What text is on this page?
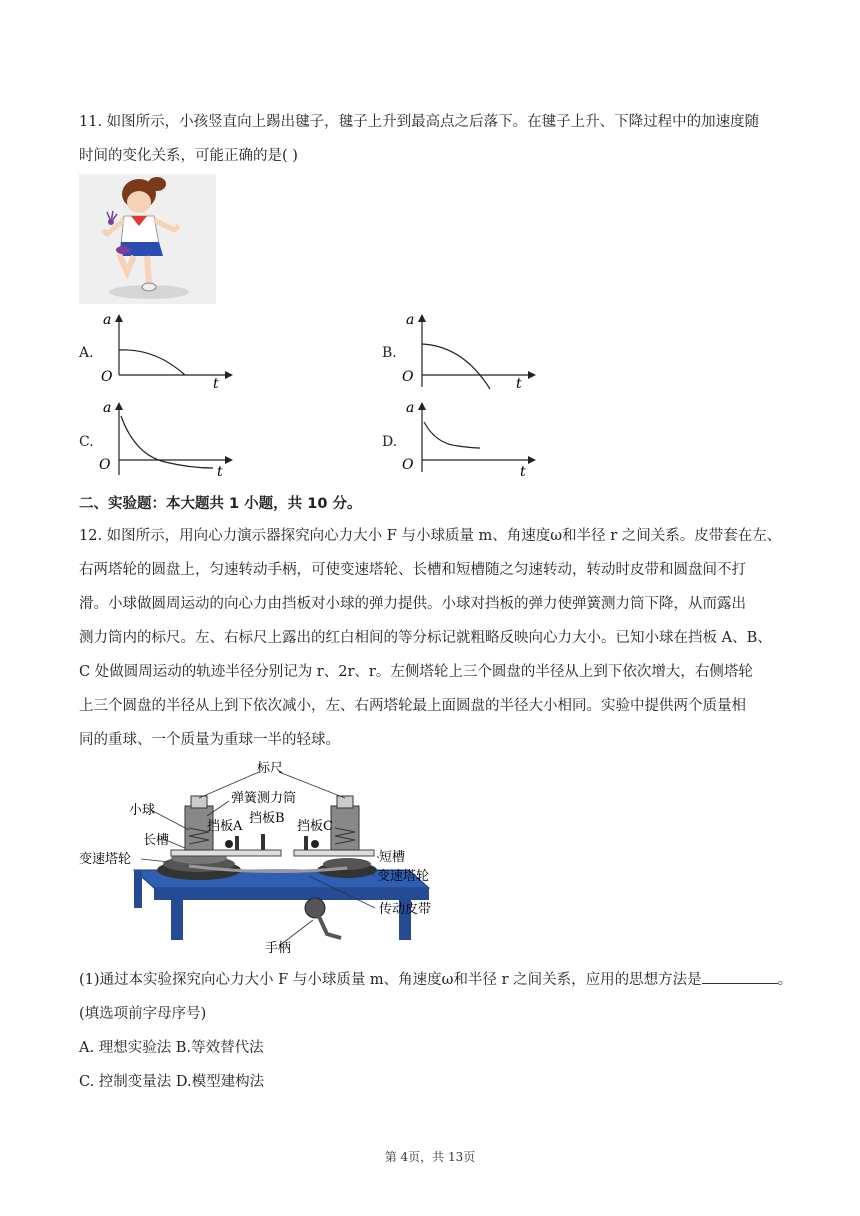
11. 如图所示，小孩竖直向上踢出毽子，毽子上升到最高点之后落下。在毽子上升、下降过程中的加速度随
时间的变化关系，可能正确的是( )
A.
a
O	t
B.
a
O	t
C.
a
O	t
D.
a
O	t
二、实验题：本大题共 1 小题，共 10 分。
12. 如图所示，用向心力演示器探究向心力大小 F 与小球质量 m、角速度ω和半径 r 之间关系。皮带套在左、
右两塔轮的圆盘上，匀速转动手柄，可使变速塔轮、长槽和短槽随之匀速转动，转动时皮带和圆盘间不打
滑。小球做圆周运动的向心力由挡板对小球的弹力提供。小球对挡板的弹力使弹簧测力筒下降，从而露出
测力筒内的标尺。左、右标尺上露出的红白相间的等分标记就粗略反映向心力大小。已知小球在挡板 A、B、
C 处做圆周运动的轨迹半径分别记为 r、2r、r。左侧塔轮上三个圆盘的半径从上到下依次增大，右侧塔轮
上三个圆盘的半径从上到下依次减小，左、右两塔轮最上面圆盘的半径大小相同。实验中提供两个质量相
同的重球、一个质量为重球一半的轻球。
标尺
小球
弹簧测力筒
挡板A
挡板B
挡板C
长槽
变速塔轮	短槽
变速塔轮
传动皮带
手柄
(1)通过本实验探究向心力大小 F 与小球质量 m、角速度ω和半径 r 之间关系，应用的思想方法是	。
(填选项前字母序号)
A. 理想实验法 B.等效替代法
C. 控制变量法 D.模型建构法
第 4页，共 13页
